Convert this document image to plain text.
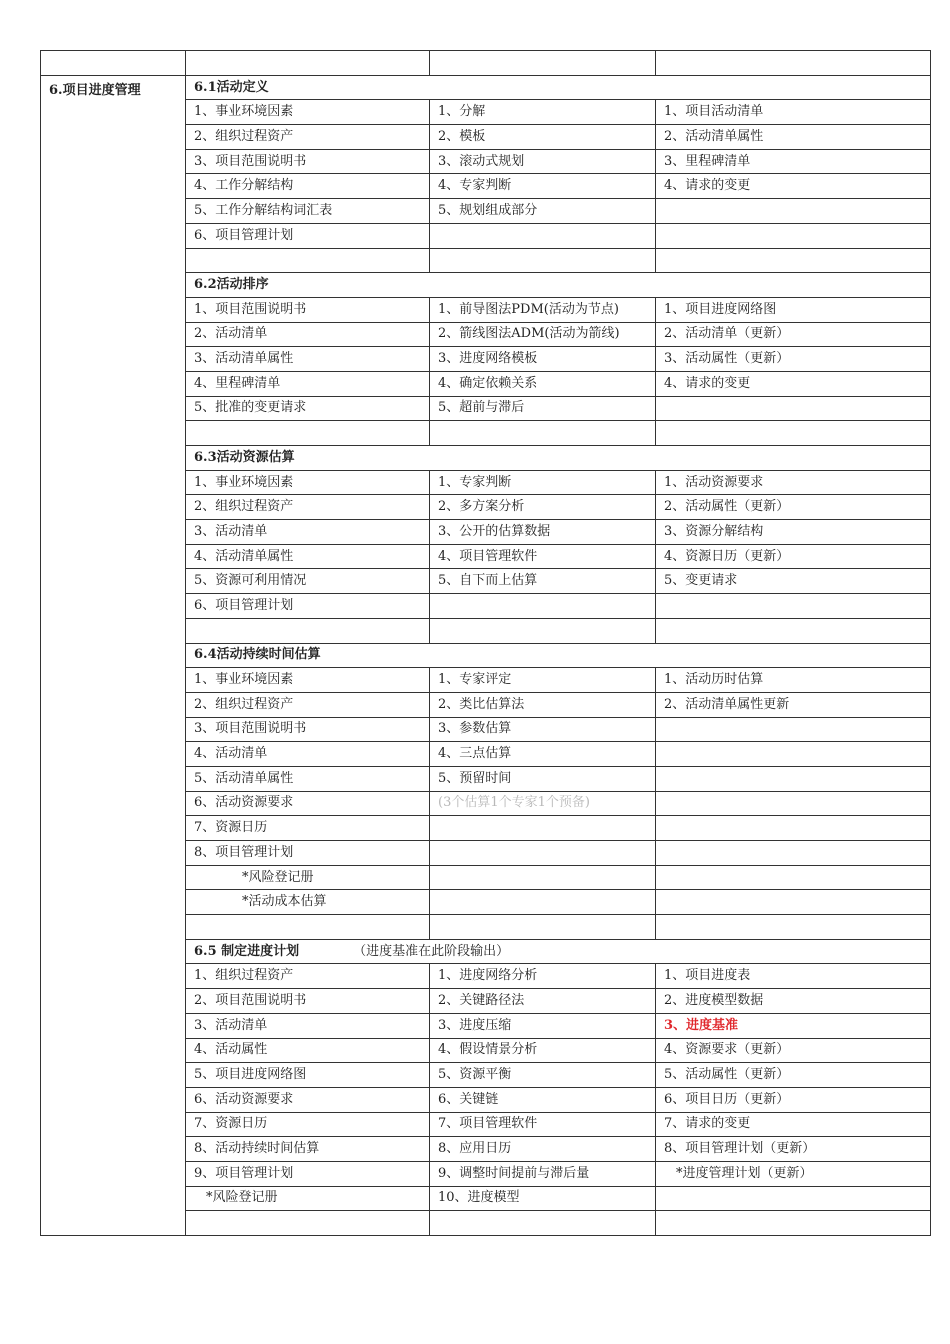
6.项目进度管理	6.1活动定义		
	1、事业环境因素	1、分解	1、项目活动清单
	2、组织过程资产	2、模板	2、活动清单属性
	3、项目范围说明书	3、滚动式规划	3、里程碑清单
	4、工作分解结构	4、专家判断	4、请求的变更
	5、工作分解结构词汇表	5、规划组成部分	
	6、项目管理计划		

	6.2活动排序		
	1、项目范围说明书	1、前导图法PDM(活动为节点)	1、项目进度网络图
	2、活动清单	2、箭线图法ADM(活动为箭线)	2、活动清单（更新）
	3、活动清单属性	3、进度网络模板	3、活动属性（更新）
	4、里程碑清单	4、确定依赖关系	4、请求的变更
	5、批准的变更请求	5、超前与滞后	

	6.3活动资源估算		
	1、事业环境因素	1、专家判断	1、活动资源要求
	2、组织过程资产	2、多方案分析	2、活动属性（更新）
	3、活动清单	3、公开的估算数据	3、资源分解结构
	4、活动清单属性	4、项目管理软件	4、资源日历（更新）
	5、资源可利用情况	5、自下而上估算	5、变更请求
	6、项目管理计划		

	6.4活动持续时间估算		
	1、事业环境因素	1、专家评定	1、活动历时估算
	2、组织过程资产	2、类比估算法	2、活动清单属性更新
	3、项目范围说明书	3、参数估算	
	4、活动清单	4、三点估算	
	5、活动清单属性	5、预留时间	
	6、活动资源要求	(3个估算1个专家1个预备)	
	7、资源日历		
	8、项目管理计划		
	*风险登记册		
	*活动成本估算		

	6.5 制定进度计划 （进度基准在此阶段输出）		
	1、组织过程资产	1、进度网络分析	1、项目进度表
	2、项目范围说明书	2、关键路径法	2、进度模型数据
	3、活动清单	3、进度压缩	3、进度基准
	4、活动属性	4、假设情景分析	4、资源要求（更新）
	5、项目进度网络图	5、资源平衡	5、活动属性（更新）
	6、活动资源要求	6、关键链	6、项目日历（更新）
	7、资源日历	7、项目管理软件	7、请求的变更
	8、活动持续时间估算	8、应用日历	8、项目管理计划（更新）
	9、项目管理计划	9、调整时间提前与滞后量	*进度管理计划（更新）
	*风险登记册	10、进度模型	
